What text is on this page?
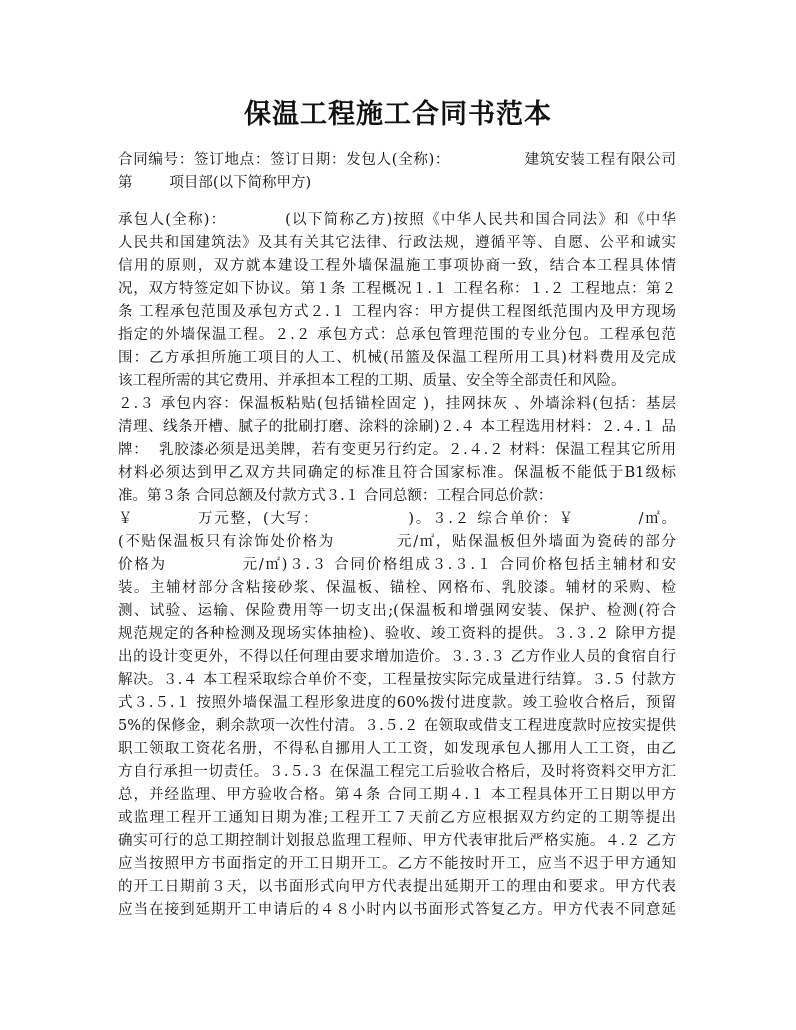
保温工程施工合同书范本

合同编号：签订地点：签订日期：发包人(全称)：              建筑安装工程有限公司

第        项目部(以下简称甲方)

承包人(全称)：          (以下简称乙方)按照《中华人民共和国合同法》和《中华

人民共和国建筑法》及其有关其它法律、行政法规，遵循平等、自愿、公平和诚实

信用的原则，双方就本建设工程外墙保温施工事项协商一致，结合本工程具体情

况，双方特签定如下协议。第１条 工程概况１.１ 工程名称：１.２ 工程地点：第２

条 工程承包范围及承包方式２.１ 工程内容：甲方提供工程图纸范围内及甲方现场

指定的外墙保温工程。２.２ 承包方式：总承包管理范围的专业分包。工程承包范

围：乙方承担所施工项目的人工、机械(吊篮及保温工程所用工具)材料费用及完成

该工程所需的其它费用、并承担本工程的工期、质量、安全等全部责任和风险。

２.３ 承包内容：保温板粘贴(包括锚栓固定 )，挂网抹灰 、外墙涂料(包括：基层

清理、线条开槽、腻子的批刷打磨、涂料的涂刷)２.４ 本工程选用材料：２.４.１ 品

牌：  乳胶漆必须是迅美牌，若有变更另行约定。２.４.２ 材料：保温工程其它所用

材料必须达到甲乙双方共同确定的标准且符合国家标准。保温板不能低于B1级标

准。第３条 合同总额及付款方式３.１ 合同总额：工程合同总价款：

￥          万元整，(大写：              )。３.２ 综合单价：￥          /㎡。

(不贴保温板只有涂饰处价格为          元/㎡，贴保温板但外墙面为瓷砖的部分

价格为            元/㎡)３.３ 合同价格组成３.３.１ 合同价格包括主辅材和安

装。主辅材部分含粘接砂浆、保温板、锚栓、网格布、乳胶漆。辅材的采购、检

测、试验、运输、保险费用等一切支出;(保温板和增强网安装、保护、检测(符合

规范规定的各种检测及现场实体抽检)、验收、竣工资料的提供。３.３.２ 除甲方提

出的设计变更外，不得以任何理由要求增加造价。３.３.３ 乙方作业人员的食宿自行

解决。３.４ 本工程采取综合单价不变，工程量按实际完成量进行结算。３.５ 付款方

式３.５.１ 按照外墙保温工程形象进度的60%拨付进度款。竣工验收合格后，预留

5%的保修金，剩余款项一次性付清。３.５.２ 在领取或借支工程进度款时应按实提供

职工领取工资花名册，不得私自挪用人工工资，如发现承包人挪用人工工资，由乙

方自行承担一切责任。３.５.３ 在保温工程完工后验收合格后，及时将资料交甲方汇

总，并经监理、甲方验收合格。第４条 合同工期４.１ 本工程具体开工日期以甲方

或监理工程开工通知日期为准;工程开工７天前乙方应根据双方约定的工期等提出

确实可行的总工期控制计划报总监理工程师、甲方代表审批后严格实施。４.２ 乙方

应当按照甲方书面指定的开工日期开工。乙方不能按时开工，应当不迟于甲方通知

的开工日期前３天，以书面形式向甲方代表提出延期开工的理由和要求。甲方代表

应当在接到延期开工申请后的４８小时内以书面形式答复乙方。甲方代表不同意延
